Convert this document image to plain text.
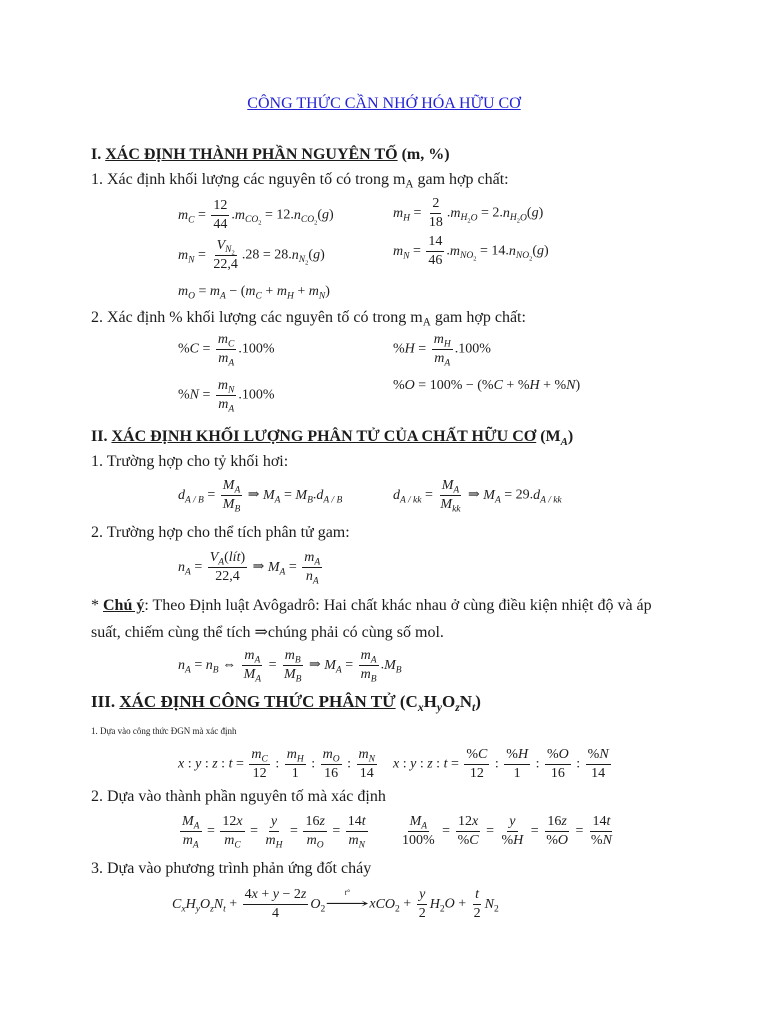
CÔNG THỨC CẦN NHỚ HÓA HỮU CƠ
I. XÁC ĐỊNH THÀNH PHẦN NGUYÊN TỐ (m, %)
1. Xác định khối lượng các nguyên tố có trong $m_A$ gam hợp chất:
$m_C = \frac{12}{44} .m_{CO_2} = 12.n_{CO_2}(g)$	$m_H = \frac{2}{18} .m_{H_2O} = 2.n_{H_2O}(g)$
$m_N = \frac{V_{N_2}}{22,4} .28 = 28.n_{N_2}(g)$	$m_N = \frac{14}{46} .m_{NO_2} = 14.n_{NO_2}(g)$
$m_O = m_A - (m_C + m_H + m_N)$
2. Xác định % khối lượng các nguyên tố có trong $m_A$ gam hợp chất:
$\%C = \frac{m_C}{m_A} .100\%$	$\%H = \frac{m_H}{m_A} .100\%$
$\%N = \frac{m_N}{m_A} .100\%$
%O = 100% − (%C + %H + %N)
II. XÁC ĐỊNH KHỐI LƯỢNG PHÂN TỬ CỦA CHẤT HỮU CƠ $(M_A)$
1. Trường hợp cho tỷ khối hơi:
$d_{A / B} = \frac{M_A}{M_B}$ ⇒ $M_A = M_B.d_{A / B}$	$d_{A / kk} = \frac{M_A}{M_{kk}}$ ⇒ $M_A = 29.d_{A / kk}$
2. Trường hợp cho thể tích phân tử gam:
$n_A = \frac{V_A(lít)}{22,4}$ ⇒ $M_A = \frac{m_A}{n_A}$
* Chú ý: Theo Định luật Avôgadrô: Hai chất khác nhau ở cùng điều kiện nhiệt độ và áp
suất, chiếm cùng thể tích ⇒chúng phải có cùng số mol.
$n_A = n_B$ ⇔ $\frac{m_A}{M_A} = \frac{m_B}{M_B}$ ⇒ $M_A = \frac{m_A}{m_B} .M_B$
III. XÁC ĐỊNH CÔNG THỨC PHÂN TỬ $(C_xH_yO_zN_t)$
1. Dựa vào công thức ĐGN mà xác định
x : y : z : $t = \frac{m_C}{12}$ : $\frac{m_H}{1}$ : $\frac{m_O}{16}$ : $\frac{m_N}{14}$ x : y : z : $t = \frac{\%C}{12}$ : $\frac{\%H}{1}$ : $\frac{\%O}{16}$ : $\frac{\%N}{14}$
2. Dựa vào thành phần nguyên tố mà xác định
$\frac{M_A}{m_A} = \frac{12x}{m_C} = \frac{y}{m_H} = \frac{16z}{m_O} = \frac{14t}{m_N} \frac{M_A}{100\%} = \frac{12x}{\%C} = \frac{y}{\%H} = \frac{16z}{\%O} = \frac{14t}{\%N}$
3. Dựa vào phương trình phản ứng đốt cháy
$C_xH_yO_zN_t + \frac{4x + y - 2z}{4} O_2$
t°
⟶xCO$_2$ + $\frac{y}{2} H_2O + \frac{t}{2} N_2$
